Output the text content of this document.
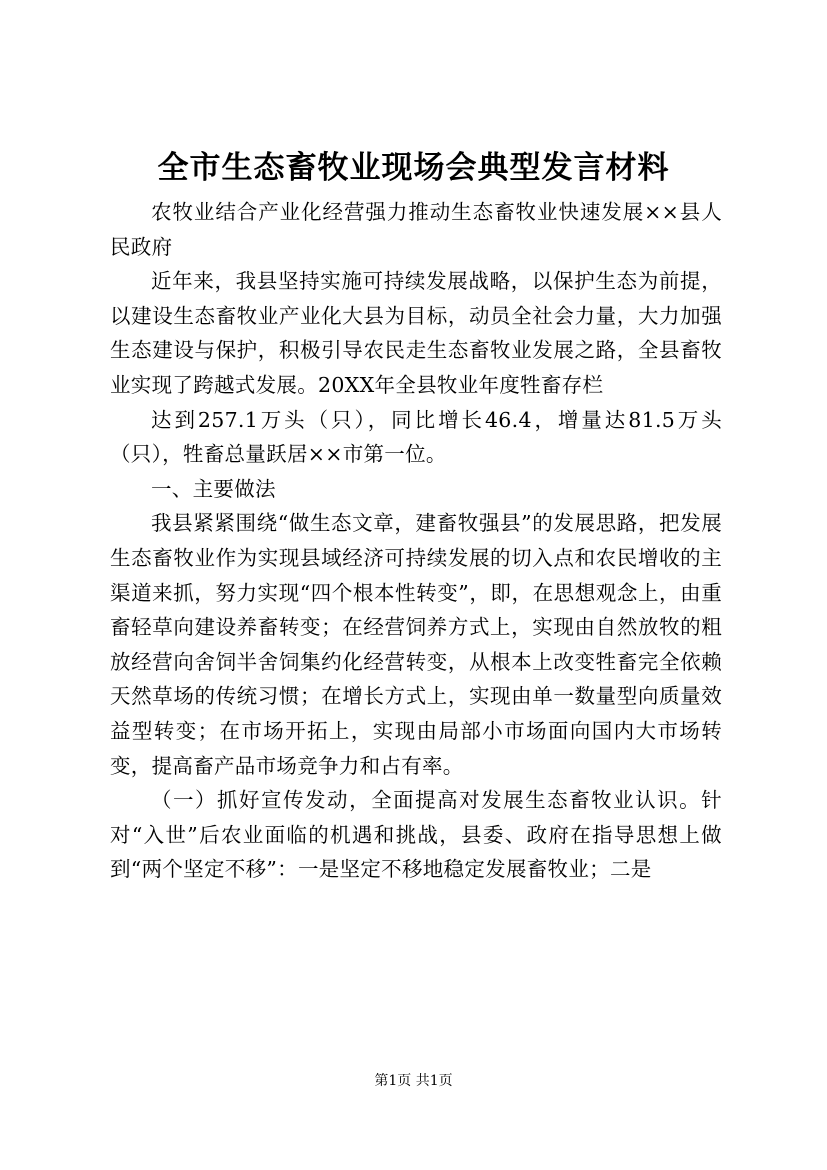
全市生态畜牧业现场会典型发言材料

农牧业结合产业化经营强力推动生态畜牧业快速发展××县人民政府

近年来，我县坚持实施可持续发展战略，以保护生态为前提，以建设生态畜牧业产业化大县为目标，动员全社会力量，大力加强生态建设与保护，积极引导农民走生态畜牧业发展之路，全县畜牧业实现了跨越式发展。20XX年全县牧业年度牲畜存栏

达到257.1万头（只），同比增长46.4，增量达81.5万头（只），牲畜总量跃居××市第一位。

一、主要做法

我县紧紧围绕“做生态文章，建畜牧强县”的发展思路，把发展生态畜牧业作为实现县域经济可持续发展的切入点和农民增收的主渠道来抓，努力实现“四个根本性转变”，即，在思想观念上，由重畜轻草向建设养畜转变；在经营饲养方式上，实现由自然放牧的粗放经营向舍饲半舍饲集约化经营转变，从根本上改变牲畜完全依赖天然草场的传统习惯；在增长方式上，实现由单一数量型向质量效益型转变；在市场开拓上，实现由局部小市场面向国内大市场转变，提高畜产品市场竞争力和占有率。

（一）抓好宣传发动，全面提高对发展生态畜牧业认识。针对“入世”后农业面临的机遇和挑战，县委、政府在指导思想上做到“两个坚定不移”：一是坚定不移地稳定发展畜牧业；二是

第1页 共1页
